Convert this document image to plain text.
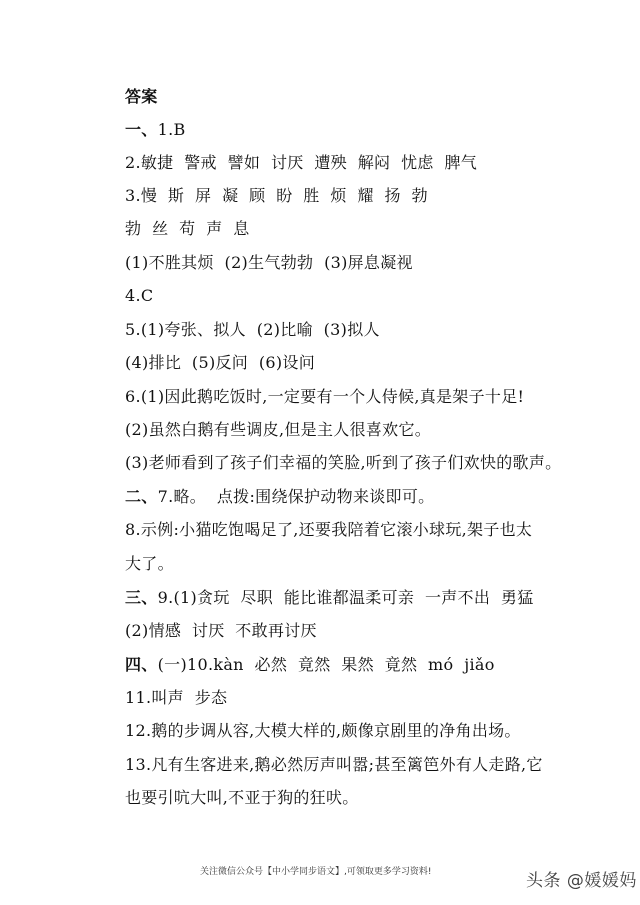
答案
一、1.B
2.敏捷  警戒  譬如  讨厌  遭殃  解闷  忧虑  脾气
3.慢  斯  屏  凝  顾  盼  胜  烦  耀  扬  勃
勃  丝  苟  声  息
(1)不胜其烦  (2)生气勃勃  (3)屏息凝视
4.C
5.(1)夸张、拟人  (2)比喻  (3)拟人
(4)排比  (5)反问  (6)设问
6.(1)因此鹅吃饭时,一定要有一个人侍候,真是架子十足!
(2)虽然白鹅有些调皮,但是主人很喜欢它。
(3)老师看到了孩子们幸福的笑脸,听到了孩子们欢快的歌声。
二、7.略。  点拨:围绕保护动物来谈即可。
8.示例:小猫吃饱喝足了,还要我陪着它滚小球玩,架子也太
大了。
三、9.(1)贪玩  尽职  能比谁都温柔可亲  一声不出  勇猛
(2)情感  讨厌  不敢再讨厌
四、(一)10.kàn  必然  竟然  果然  竟然  mó  jiǎo
11.叫声  步态
12.鹅的步调从容,大模大样的,颇像京剧里的净角出场。
13.凡有生客进来,鹅必然厉声叫嚣;甚至篱笆外有人走路,它
也要引吭大叫,不亚于狗的狂吠。
关注微信公众号【中小学同步语文】,可领取更多学习资料!	头条 @媛媛妈
